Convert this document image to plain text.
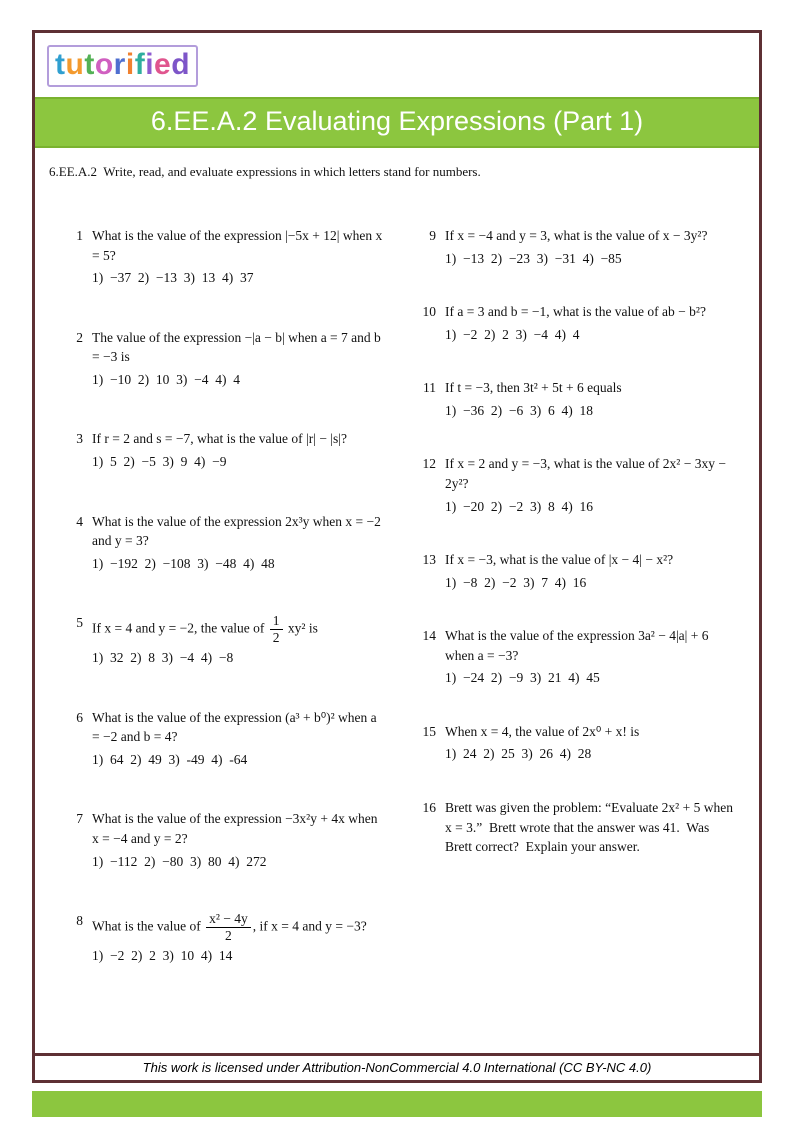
tutorified
6.EE.A.2 Evaluating Expressions (Part 1)
6.EE.A.2  Write, read, and evaluate expressions in which letters stand for numbers.
1 What is the value of the expression |−5x + 12| when x = 5?
1)  −37  2)  −13  3)  13  4)  37
2 The value of the expression −|a − b| when a = 7 and b = −3 is
1)  −10  2)  10  3)  −4  4)  4
3 If r = 2 and s = −7, what is the value of |r| − |s|?
1)  5  2)  −5  3)  9  4)  −9
4 What is the value of the expression 2x³y when x = −2 and y = 3?
1)  −192  2)  −108  3)  −48  4)  48
5 If x = 4 and y = −2, the value of $\frac{1}{2} xy^2$ is
1)  32  2)  8  3)  −4  4)  −8
6 What is the value of the expression (a³ + b⁰)² when a = −2 and b = 4?
1)  64  2)  49  3)  -49  4)  -64
7 What is the value of the expression −3x²y + 4x when x = −4 and y = 2?
1)  −112  2)  −80  3)  80  4)  272
8 What is the value of $\frac{\text{x² − 4y}}{2}$ , if x = 4 and y = −3?
1)  −2  2)  2  3)  10  4)  14
9 If x = −4 and y = 3, what is the value of x − 3y²?
1)  −13  2)  −23  3)  −31  4)  −85
10 If a = 3 and b = −1, what is the value of ab − b²?
1)  −2  2)  2  3)  −4  4)  4
11 If t = −3, then 3t² + 5t + 6 equals
1)  −36  2)  −6  3)  6  4)  18
12 If x = 2 and y = −3, what is the value of 2x² − 3xy − 2y²?
1)  −20  2)  −2  3)  8  4)  16
13 If x = −3, what is the value of |x − 4| − x²?
1)  −8  2)  −2  3)  7  4)  16
14 What is the value of the expression 3a² − 4|a| + 6 when a = −3?
1)  −24  2)  −9  3)  21  4)  45
15 When x = 4, the value of 2x⁰ + x! is
1)  24  2)  25  3)  26  4)  28
16 Brett was given the problem: “Evaluate 2x² + 5 when x = 3.”  Brett wrote that the answer was 41.  Was Brett correct?  Explain your answer.
This work is licensed under Attribution-NonCommercial 4.0 International (CC BY-NC 4.0)
